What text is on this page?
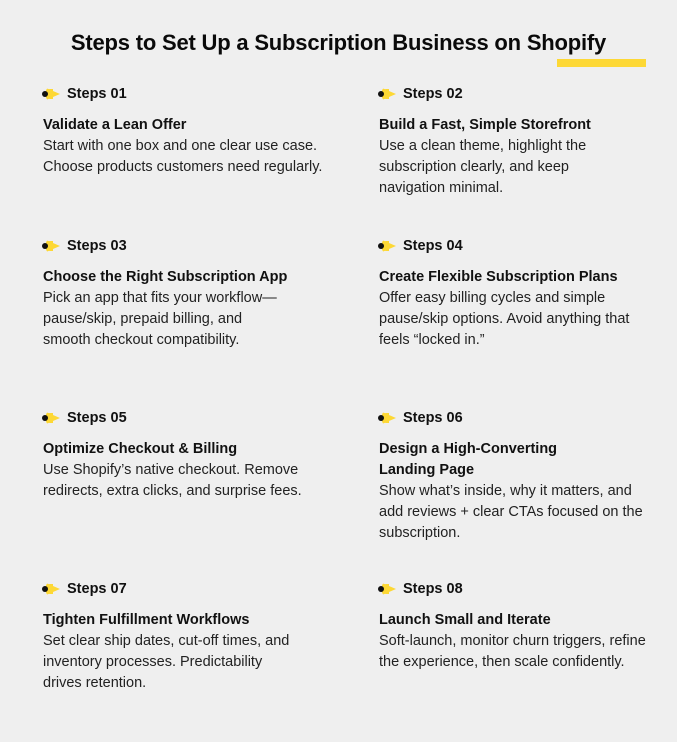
Steps to Set Up a Subscription Business on Shopify
Steps 01
Validate a Lean Offer
Start with one box and one clear use case. Choose products customers need regularly.
Steps 02
Build a Fast, Simple Storefront
Use a clean theme, highlight the subscription clearly, and keep navigation minimal.
Steps 03
Choose the Right Subscription App
Pick an app that fits your workflow—pause/skip, prepaid billing, and smooth checkout compatibility.
Steps 04
Create Flexible Subscription Plans
Offer easy billing cycles and simple pause/skip options. Avoid anything that feels “locked in.”
Steps 05
Optimize Checkout & Billing
Use Shopify’s native checkout. Remove redirects, extra clicks, and surprise fees.
Steps 06
Design a High-Converting Landing Page
Show what’s inside, why it matters, and add reviews + clear CTAs focused on the subscription.
Steps 07
Tighten Fulfillment Workflows
Set clear ship dates, cut-off times, and inventory processes. Predictability drives retention.
Steps 08
Launch Small and Iterate
Soft-launch, monitor churn triggers, refine the experience, then scale confidently.
